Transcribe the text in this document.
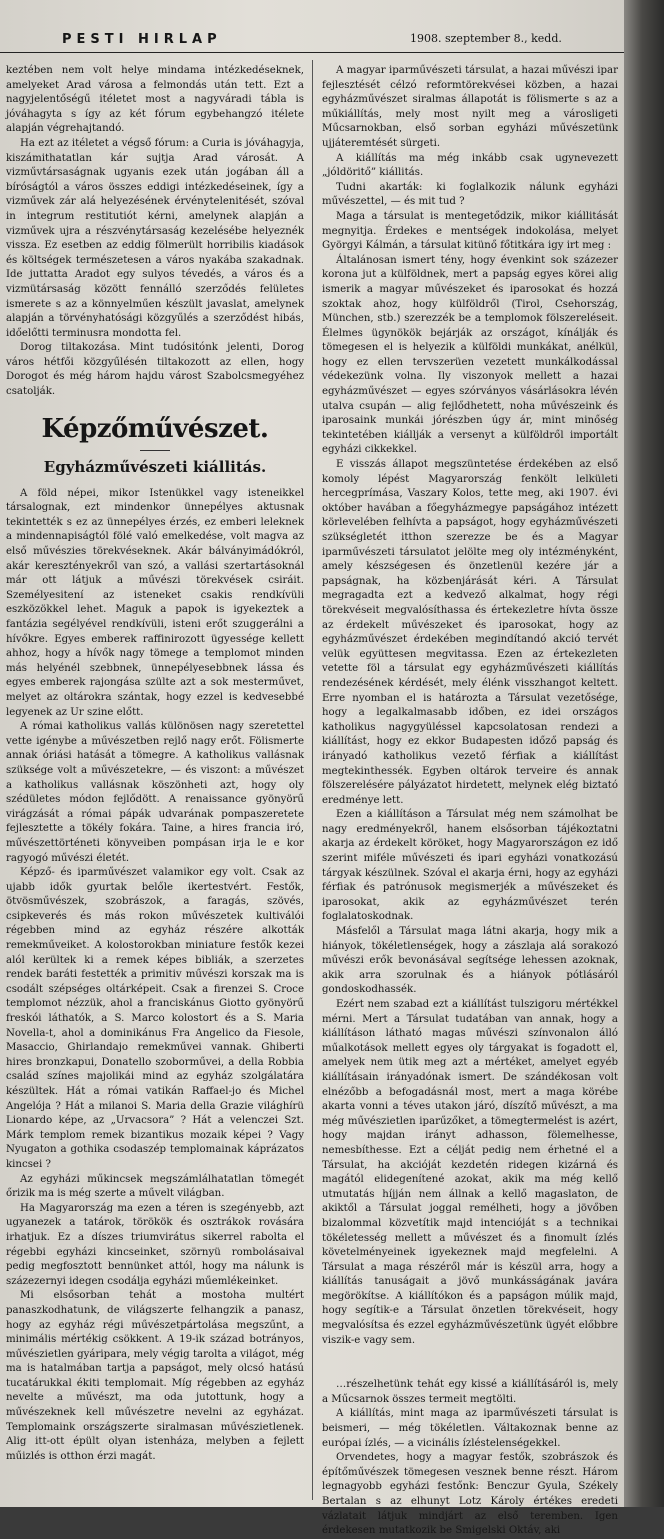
PESTI HIRLAP	1908. szeptember 8., kedd.

keztében nem volt helye mindama intézkedéseknek, amelyeket Arad városa a felmondás után tett. Ezt a nagyjelentőségű itéletet most a nagyváradi tábla is jóváhagyta s így az két fórum egybehangzó itélete alapján végrehajtandó.

Ha ezt az itéletet a végső fórum: a Curia is jóváhagyja, kiszámithatatlan kár sujtja Arad városát. A vizművtársaságnak ugyanis ezek után jogában áll a bíróságtól a város összes eddigi intézkedéseinek, így a vizművek zár alá helyezésének érvénytelenitését, szóval in integrum restitutiót kérni, amelynek alapján a vizművek ujra a részvénytársaság kezelésébe helyeznék vissza. Ez esetben az eddig fölmerült horribilis kiadások és költségek természetesen a város nyakába szakadnak. Ide juttatta Aradot egy sulyos tévedés, a város és a vizmütársaság között fennálló szerződés felületes ismerete s az a könnyelműen készült javaslat, amelynek alapján a törvényhatósági közgyűlés a szerződést hibás, időelőtti terminusra mondotta fel.

Dorog tiltakozása. Mint tudósitónk jelenti, Dorog város hétfői közgyűlésén tiltakozott az ellen, hogy Dorogot és még három hajdu várost Szabolcsmegyéhez csatolják.

Képzőművészet.
Egyházművészeti kiállitás.

A föld népei, mikor Istenükkel vagy isteneikkel társalognak, ezt mindenkor ünnepélyes aktusnak tekintették s ez az ünnepélyes érzés, ez emberi leleknek a mindennapiságtól fölé való emelkedése, volt magva az első művészies törekvéseknek. Akár bálványimádókról, akár keresztényekről van szó, a vallási szertartásoknál már ott látjuk a művészi törekvések csiráit. Személyesitení az isteneket csakis rendkívüli eszközökkel lehet. Maguk a papok is igyekeztek a fantázia segélyével rendkívüli, isteni erőt szuggerálni a hívőkre. Egyes emberek raffinirozott ügyessége kellett ahhoz, hogy a hívők nagy tömege a templomot minden más helyénél szebbnek, ünnepélyesebbnek lássa és egyes emberek rajongása szülte azt a sok mesterművet, melyet az oltárokra szántak, hogy ezzel is kedvesebbé legyenek az Ur szine előtt.

A római katholikus vallás különösen nagy szeretettel vette igénybe a művészetben rejlő nagy erőt. Fölismerte annak óriási hatását a tömegre. A katholikus vallásnak szüksége volt a művészetekre, — és viszont: a művészet a katholikus vallásnak köszönheti azt, hogy oly szédületes módon fejlődött. A renaissance gyönyörű virágzását a római pápák udvarának pompaszeretete fejlesztette a tökély fokára. Taine, a hires francia iró, művészettörténeti könyveiben pompásan irja le e kor ragyogó művészi életét.

Képző- és iparművészet valamikor egy volt. Csak az ujabb idők gyurtak belőle ikertestvért. Festők, ötvösművészek, szobrászok, a faragás, szövés, csipkeverés és más rokon művészetek kultiválói régebben mind az egyház részére alkották remekműveiket. A kolostorokban miniature festők kezei alól kerültek ki a remek képes bibliák, a szerzetes rendek baráti festették a primitiv művészi korszak ma is csodált szépséges oltárképeit. Csak a firenzei S. Croce templomot nézzük, ahol a franciskánus Giotto gyönyörű freskói láthatók, a S. Marco kolostort és a S. Maria Novella-t, ahol a dominikánus Fra Angelico da Fiesole, Masaccio, Ghirlandajo remekművei vannak. Ghiberti hires bronzkapui, Donatello szoborművei, a della Robbia család színes majolikái mind az egyház szolgálatára készültek. Hát a római vatikán Raffael-jo és Michel Angelója ? Hát a milanoi S. Maria della Grazie világhírü Lionardo képe, az „Urvacsora” ? Hát a velenczei Szt. Márk templom remek bizantikus mozaik képei ? Vagy Nyugaton a gothika csodaszép templomainak káprázatos kincsei ?

Az egyházi műkincsek megszámlálhatatlan tömegét őrizik ma is még szerte a művelt világban.

Ha Magyarország ma ezen a téren is szegényebb, azt ugyanezek a tatárok, törökök és osztrákok rovására irhatjuk. Ez a díszes triumvirátus sikerrel rabolta el régebbi egyházi kincseinket, szörnyü rombolásaival pedig megfosztott bennünket attól, hogy ma nálunk is százezernyi idegen csodálja egyházi műemlékeinket.

Mi elsősorban tehát a mostoha multért panaszkodhatunk, de világszerte felhangzik a panasz, hogy az egyház régi művészetpártolása megszűnt, a minimális mértékig csökkent. A 19-ik század botrányos, művészietlen gyáripara, mely végig tarolta a világot, még ma is hatalmában tartja a papságot, mely olcsó hatású tucatárukkal ékiti templomait. Míg régebben az egyház nevelte a művészt, ma oda jutottunk, hogy a művészeknek kell művészetre nevelni az egyházat. Templomaink országszerte siralmasan művészietlenek. Alig itt-ott épült olyan istenháza, melyben a fejlett műizlés is otthon érzi magát.

A magyar iparművészeti társulat, a hazai művészi ipar fejlesztését célzó reformtörekvései közben, a hazai egyházművészet siralmas állapotát is fölismerte s az a műkiállítás, mely most nyilt meg a városligeti Műcsarnokban, első sorban egyházi művészetünk ujjáteremtését sürgeti.

A kiállítás ma még inkább csak ugynevezett „jóldöritő” kiállitás.

Tudni akarták: ki foglalkozik nálunk egyházi művészettel, — és mit tud ?

Maga a társulat is mentegetődzik, mikor kiállitását megnyitja. Érdekes e mentségek indokolása, melyet Györgyi Kálmán, a társulat kitünő főtitkára igy irt meg :

Általánosan ismert tény, hogy évenkint sok százezer korona jut a külföldnek, mert a papság egyes körei alig ismerik a magyar művészeket és iparosokat és hozzá szoktak ahoz, hogy külföldről (Tirol, Csehország, München, stb.) szerezzék be a templomok fölszereléseit. Élelmes ügynökök bejárják az országot, kínálják és tömegesen el is helyezik a külföldi munkákat, anélkül, hogy ez ellen tervszerüen vezetett munkálkodással védekezünk volna. Ily viszonyok mellett a hazai egyházművészet — egyes szórványos vásárlásokra lévén utalva csupán — alig fejlődhetett, noha művészeink és iparosaink munkái jórészben úgy ár, mint minőség tekintetében kiállják a versenyt a külföldről importált egyházi cikkekkel.

E visszás állapot megszüntetése érdekében az első komoly lépést Magyarország fenkölt lelkületi hercegprímása, Vaszary Kolos, tette meg, aki 1907. évi október havában a főegyházmegye papságához intézett körlevelében felhívta a papságot, hogy egyházművészeti szükségletét itthon szerezze be és a Magyar iparművészeti társulatot jelölte meg oly intézményként, amely készségesen és önzetlenül kezére jár a papságnak, ha közbenjárását kéri. A Társulat megragadta ezt a kedvező alkalmat, hogy régi törekvéseit megvalósíthassa és értekezletre hívta össze az érdekelt művészeket és iparosokat, hogy az egyházművészet érdekében megindítandó akció tervét velük együttesen megvitassa. Ezen az értekezleten vetette föl a társulat egy egyházművészeti kiállítás rendezésének kérdését, mely élénk visszhangot keltett. Erre nyomban el is határozta a Társulat vezetősége, hogy a legalkalmasabb időben, ez idei országos katholikus nagygyüléssel kapcsolatosan rendezi a kiállítást, hogy ez ekkor Budapesten időző papság és irányadó katholikus vezető férfiak a kiállítást megtekinthessék. Egyben oltárok terveire és annak fölszerelésére pályázatot hirdetett, melynek elég biztató eredménye lett.

Ezen a kiállításon a Társulat még nem számolhat be nagy eredményekről, hanem elsősorban tájékoztatni akarja az érdekelt köröket, hogy Magyarországon ez idő szerint miféle művészeti és ipari egyházi vonatkozású tárgyak készülnek. Szóval el akarja érni, hogy az egyházi férfiak és patrónusok megismerjék a művészeket és iparosokat, akik az egyházművészet terén foglalatoskodnak.

Másfelől a Társulat maga látni akarja, hogy mik a hiányok, tökéletlenségek, hogy a zászlaja alá sorakozó művészi erők bevonásával segítsége lehessen azoknak, akik arra szorulnak és a hiányok pótlásáról gondoskodhassék.

Ezért nem szabad ezt a kiállítást tulszigoru mértékkel mérni. Mert a Társulat tudatában van annak, hogy a kiállításon látható magas művészi színvonalon álló műalkotások mellett egyes oly tárgyakat is fogadott el, amelyek nem ütik meg azt a mértéket, amelyet egyéb kiállításain irányadónak ismert. De szándékosan volt elnézőbb a befogadásnál most, mert a maga körébe akarta vonni a téves utakon járó, díszítő művészt, a ma még művészietlen iparűzőket, a tömegtermelést is azért, hogy majdan irányt adhasson, fölemelhesse, nemesbíthesse. Ezt a célját pedig nem érhetné el a Társulat, ha akcióját kezdetén ridegen kizárná és magától elidegenítené azokat, akik ma még kellő utmutatás híjján nem állnak a kellő magaslaton, de akiktől a Társulat joggal remélheti, hogy a jövőben bizalommal közvetítik majd intencióját s a technikai tökéletesség mellett a művészet és a finomult ízlés követelményeinek igyekeznek majd megfelelni. A Társulat a maga részéről már is készül arra, hogy a kiállítás tanuságait a jövő munkásságának javára megörökítse. A kiállítókon és a papságon múlik majd, hogy segítik-e a Társulat önzetlen törekvéseit, hogy megvalósítsa és ezzel egyházművészetünk ügyét előbbre viszik-e vagy sem.

…részelhetünk tehát egy kissé a kiállításáról is, mely a Műcsarnok összes termeit megtölti.

A kiállítás, mint maga az iparművészeti társulat is beismeri, — még tökéletlen. Váltakoznak benne az európai ízlés, — a vicinális ízléstelenségekkel.

Orvendetes, hogy a magyar festők, szobrászok és építőművészek tömegesen vesznek benne részt. Három legnagyobb egyházi festőnk: Benczur Gyula, Székely Bertalan s az elhunyt Lotz Károly értékes eredeti vázlatait látjuk mindjárt az első teremben. Igen érdekesen mutatkozik be Smigelski Oktáv, aki
